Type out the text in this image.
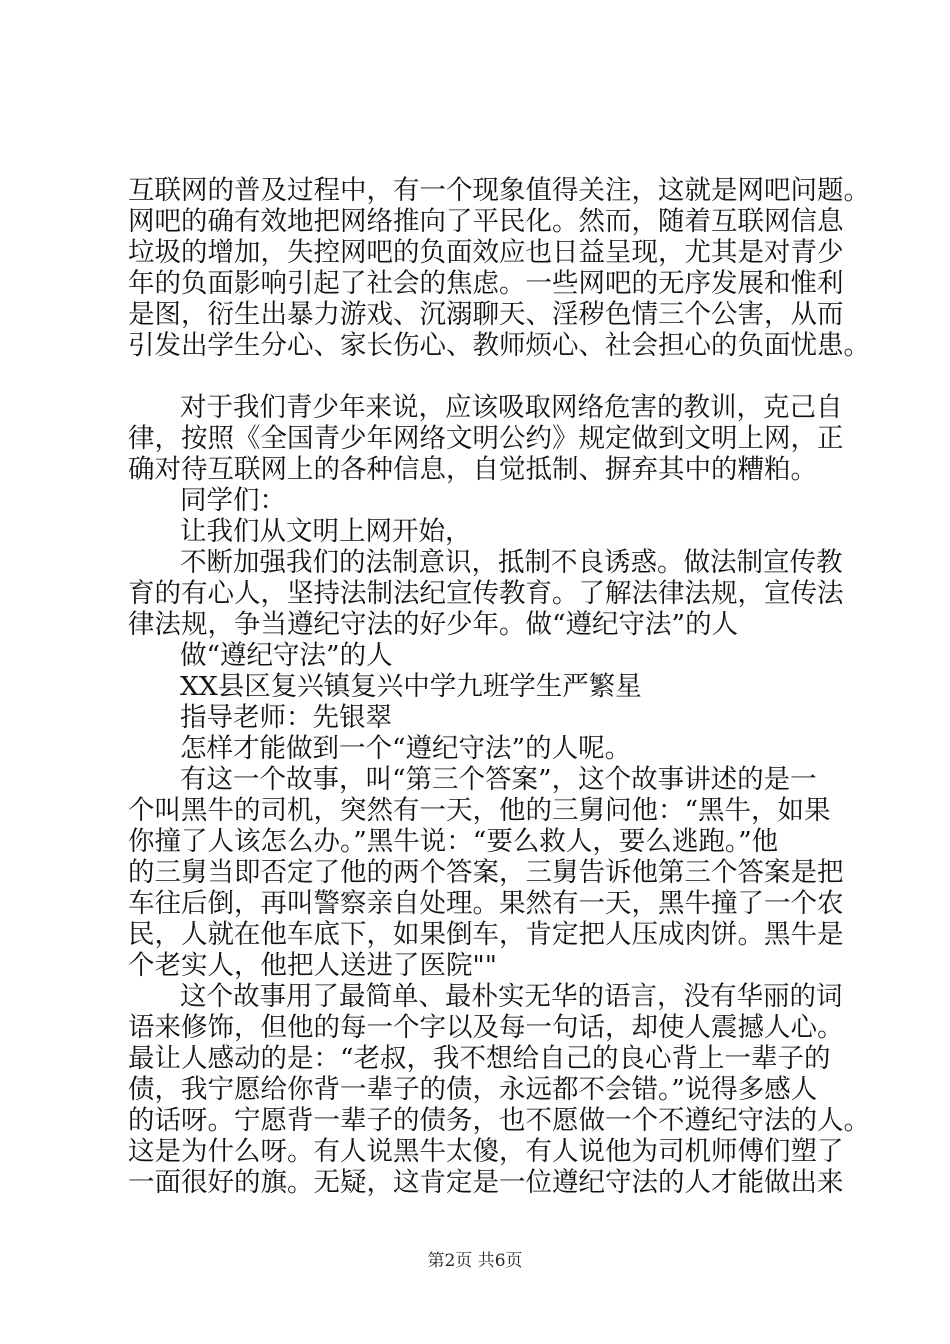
互联网的普及过程中，有一个现象值得关注，这就是网吧问题。
网吧的确有效地把网络推向了平民化。然而，随着互联网信息
垃圾的增加，失控网吧的负面效应也日益呈现，尤其是对青少
年的负面影响引起了社会的焦虑。一些网吧的无序发展和惟利
是图，衍生出暴力游戏、沉溺聊天、淫秽色情三个公害，从而
引发出学生分心、家长伤心、教师烦心、社会担心的负面忧患。
对于我们青少年来说，应该吸取网络危害的教训，克己自
律，按照《全国青少年网络文明公约》规定做到文明上网，正
确对待互联网上的各种信息，自觉抵制、摒弃其中的糟粕。
同学们：
让我们从文明上网开始，
不断加强我们的法制意识，抵制不良诱惑。做法制宣传教
育的有心人，坚持法制法纪宣传教育。了解法律法规，宣传法
律法规，争当遵纪守法的好少年。做“遵纪守法”的人
做“遵纪守法”的人
XX县区复兴镇复兴中学九班学生严繁星
指导老师：先银翠
怎样才能做到一个“遵纪守法”的人呢。
有这一个故事，叫“第三个答案”，这个故事讲述的是一
个叫黑牛的司机，突然有一天，他的三舅问他：“黑牛，如果
你撞了人该怎么办。”黑牛说：“要么救人，要么逃跑。”他
的三舅当即否定了他的两个答案，三舅告诉他第三个答案是把
车往后倒，再叫警察亲自处理。果然有一天，黑牛撞了一个农
民，人就在他车底下，如果倒车，肯定把人压成肉饼。黑牛是
个老实人，他把人送进了医院""
这个故事用了最简单、最朴实无华的语言，没有华丽的词
语来修饰，但他的每一个字以及每一句话，却使人震撼人心。
最让人感动的是：“老叔，我不想给自己的良心背上一辈子的
债，我宁愿给你背一辈子的债，永远都不会错。”说得多感人
的话呀。宁愿背一辈子的债务，也不愿做一个不遵纪守法的人。
这是为什么呀。有人说黑牛太傻，有人说他为司机师傅们塑了
一面很好的旗。无疑，这肯定是一位遵纪守法的人才能做出来
第2页 共6页
